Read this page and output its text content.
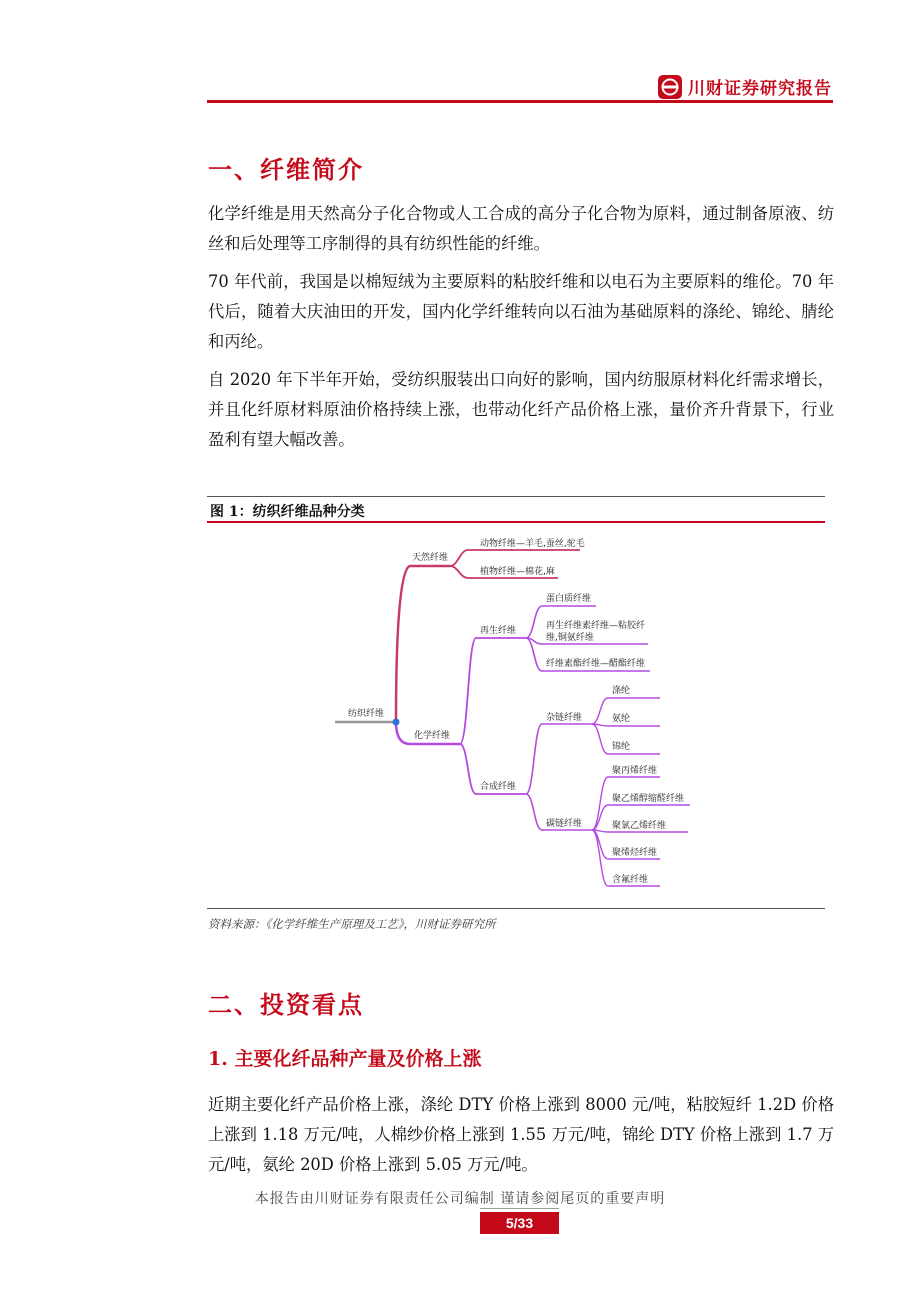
川财证券研究报告
一、纤维简介

化学纤维是用天然高分子化合物或人工合成的高分子化合物为原料，通过制备原液、纺丝和后处理等工序制得的具有纺织性能的纤维。

70 年代前，我国是以棉短绒为主要原料的粘胶纤维和以电石为主要原料的维伦。70 年代后，随着大庆油田的开发，国内化学纤维转向以石油为基础原料的涤纶、锦纶、腈纶和丙纶。

自 2020 年下半年开始，受纺织服装出口向好的影响，国内纺服原材料化纤需求增长，并且化纤原材料原油价格持续上涨，也带动化纤产品价格上涨，量价齐升背景下，行业盈利有望大幅改善。

图 1：纺织纤维品种分类

纺织纤维
天然纤维
动物纤维—羊毛,蚕丝,驼毛
植物纤维—棉花,麻
化学纤维
再生纤维
蛋白质纤维
再生纤维素纤维—粘胶纤
维,铜氨纤维
纤维素酯纤维—醋酯纤维
合成纤维
杂链纤维
涤纶
氨纶
锦纶
碳链纤维
聚丙烯纤维
聚乙烯醇缩醛纤维
聚氯乙烯纤维
聚烯烃纤维
含氟纤维

资料来源：《化学纤维生产原理及工艺》，川财证券研究所

二、投资看点
1. 主要化纤品种产量及价格上涨

近期主要化纤产品价格上涨，涤纶 DTY 价格上涨到 8000 元/吨，粘胶短纤 1.2D 价格上涨到 1.18 万元/吨，人棉纱价格上涨到 1.55 万元/吨，锦纶 DTY 价格上涨到 1.7 万元/吨，氨纶 20D 价格上涨到 5.05 万元/吨。

本报告由川财证券有限责任公司编制 谨请参阅尾页的重要声明

5/33
